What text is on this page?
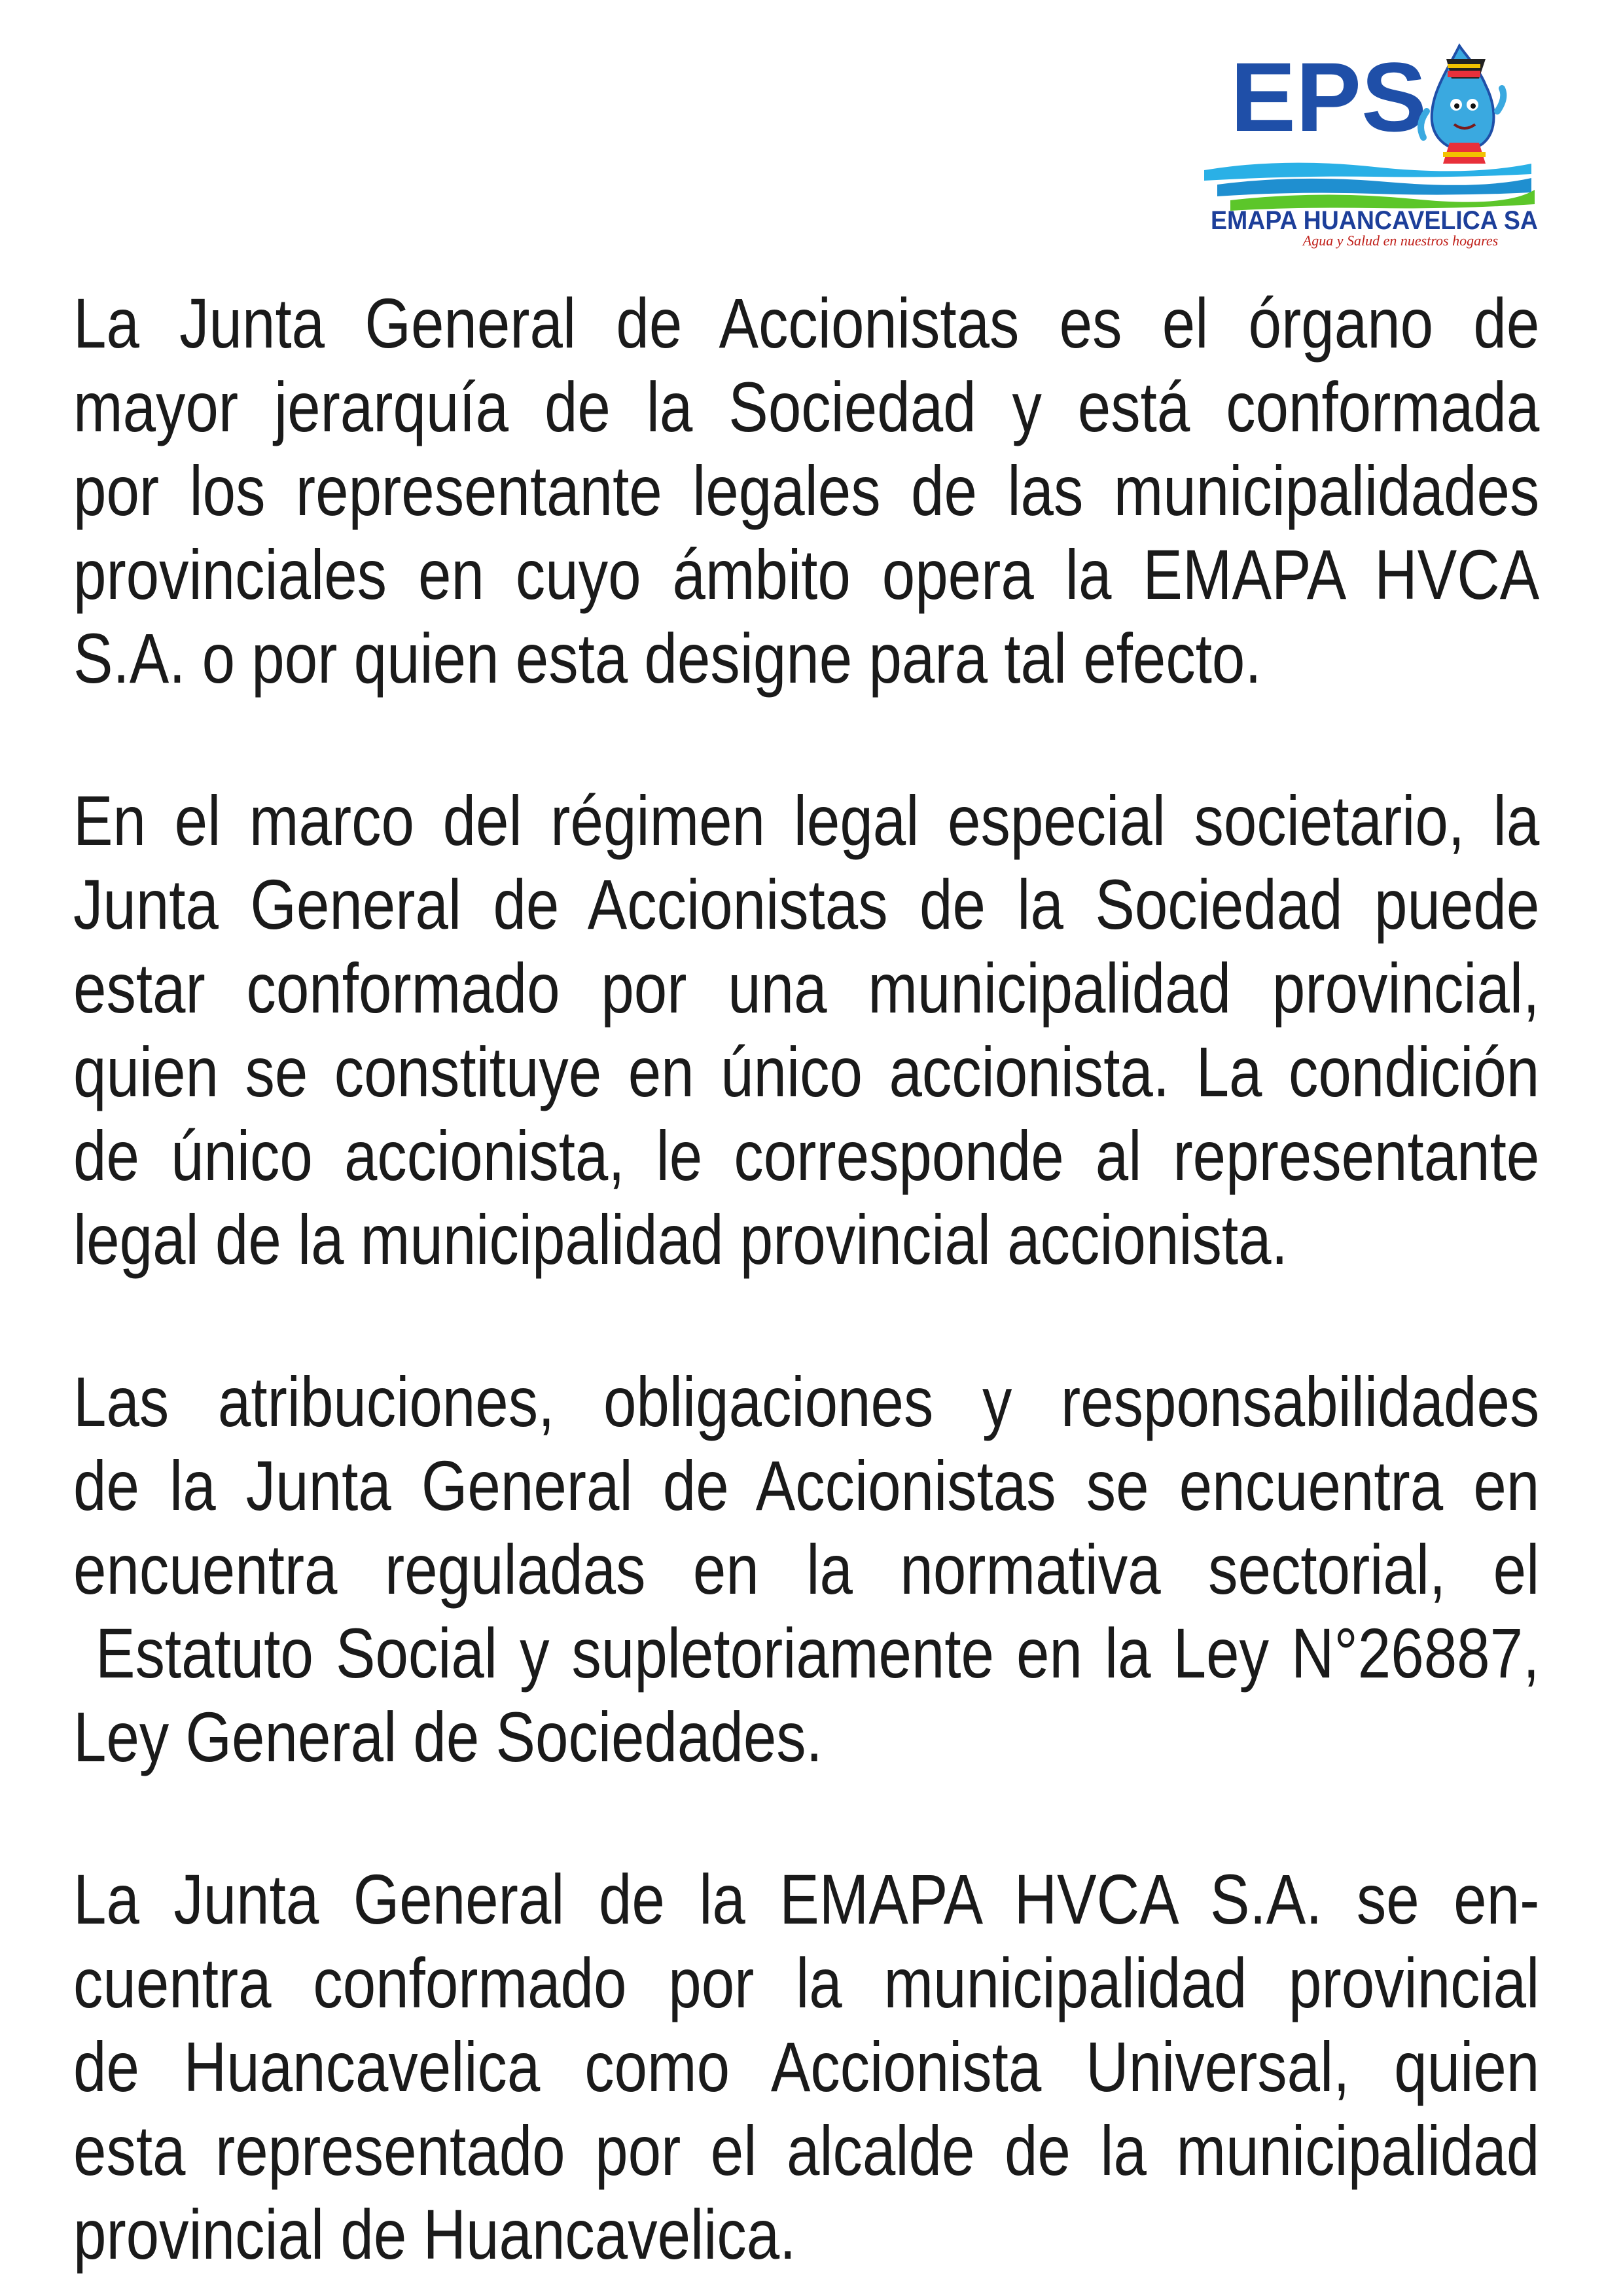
EPS
EMAPA HUANCAVELICA SA
Agua y Salud en nuestros hogares

La Junta General de Accionistas es el órgano de
mayor jerarquía de la Sociedad y está conformada
por los representante legales de las municipalidades
provinciales en cuyo ámbito opera la EMAPA HVCA
S.A. o por quien esta designe para tal efecto.

En el marco del régimen legal especial societario, la
Junta General de Accionistas de la Sociedad puede
estar conformado por una municipalidad provincial,
quien se constituye en único accionista. La condición
de único accionista, le corresponde al representante
legal de la municipalidad provincial accionista.

Las atribuciones, obligaciones y responsabilidades
de la Junta General de Accionistas se encuentra en
encuentra reguladas en la normativa sectorial, el
Estatuto Social y supletoriamente en la Ley N°26887,
Ley General de Sociedades.

La Junta General de la EMAPA HVCA S.A. se en-
cuentra conformado por la municipalidad provincial
de Huancavelica como Accionista Universal, quien
esta representado por el alcalde de la municipalidad
provincial de Huancavelica.
